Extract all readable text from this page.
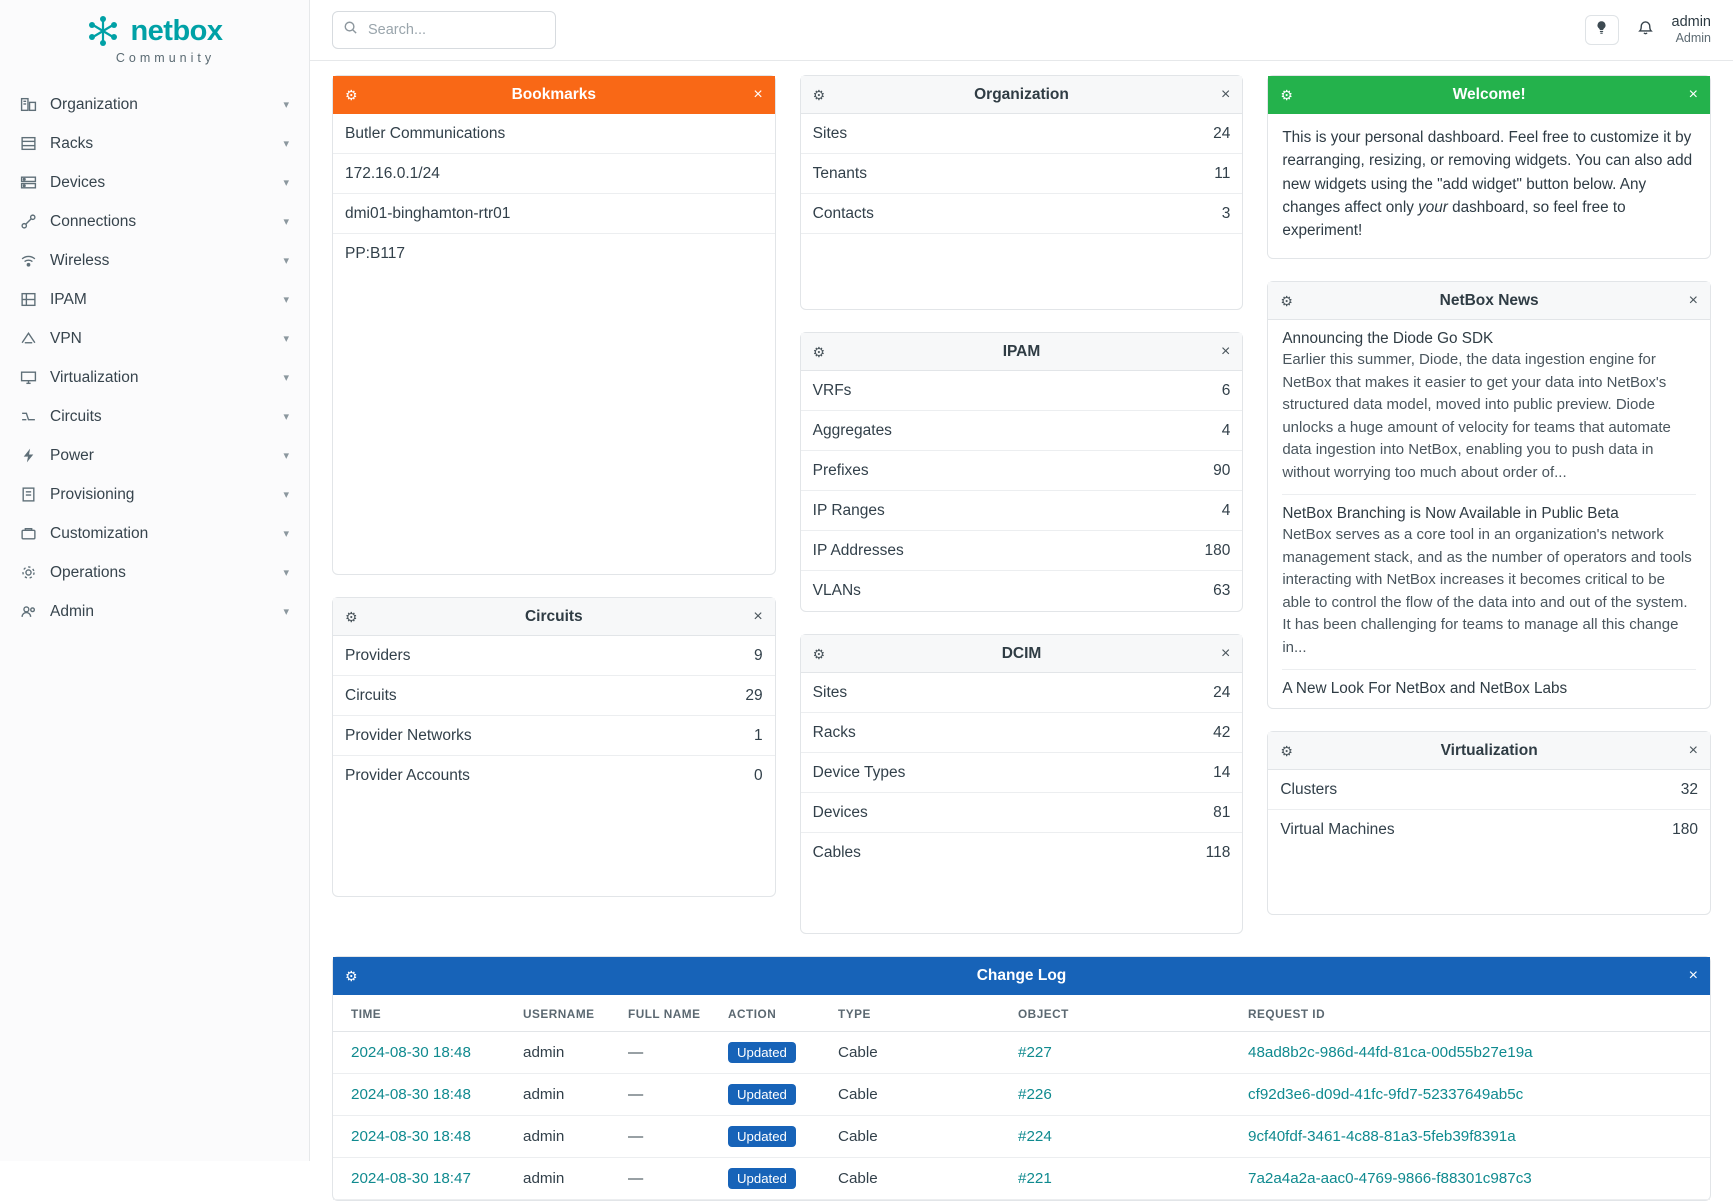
netbox
Community
Organization	▾
Racks	▾
Devices	▾
Connections	▾
Wireless	▾
IPAM	▾
VPN	▾
Virtualization	▾
Circuits	▾
Power	▾
Provisioning	▾
Customization	▾
Operations	▾
Admin	▾
Search...
admin
Admin
⚙	Bookmarks	×
Butler Communications
172.16.0.1/24
dmi01-binghamton-rtr01
PP:B117
⚙	Circuits	×
Providers	9
Circuits	29
Provider Networks	1
Provider Accounts	0
⚙	Organization	×
Sites	24
Tenants	11
Contacts	3
⚙	IPAM	×
VRFs	6
Aggregates	4
Prefixes	90
IP Ranges	4
IP Addresses	180
VLANs	63
⚙	DCIM	×
Sites	24
Racks	42
Device Types	14
Devices	81
Cables	118
⚙	Welcome!	×
This is your personal dashboard. Feel free to customize it by rearranging, resizing, or removing widgets. You can also add new widgets using the "add widget" button below. Any changes affect only your dashboard, so feel free to experiment!
⚙	NetBox News	×
Announcing the Diode Go SDK
Earlier this summer, Diode, the data ingestion engine for NetBox that makes it easier to get your data into NetBox's structured data model, moved into public preview. Diode unlocks a huge amount of velocity for teams that automate data ingestion into NetBox, enabling you to push data in without worrying too much about order of...
NetBox Branching is Now Available in Public Beta
NetBox serves as a core tool in an organization's network management stack, and as the number of operators and tools interacting with NetBox increases it becomes critical to be able to control the flow of the data into and out of the system. It has been challenging for teams to manage all this change in...
A New Look For NetBox and NetBox Labs
⚙	Virtualization	×
Clusters	32
Virtual Machines	180
⚙	Change Log	×
TIME	USERNAME	FULL NAME	ACTION	TYPE	OBJECT	REQUEST ID
2024-08-30 18:48	admin	—	Updated	Cable	#227	48ad8b2c-986d-44fd-81ca-00d55b27e19a
2024-08-30 18:48	admin	—	Updated	Cable	#226	cf92d3e6-d09d-41fc-9fd7-52337649ab5c
2024-08-30 18:48	admin	—	Updated	Cable	#224	9cf40fdf-3461-4c88-81a3-5feb39f8391a
2024-08-30 18:47	admin	—	Updated	Cable	#221	7a2a4a2a-aac0-4769-9866-f88301c987c3
